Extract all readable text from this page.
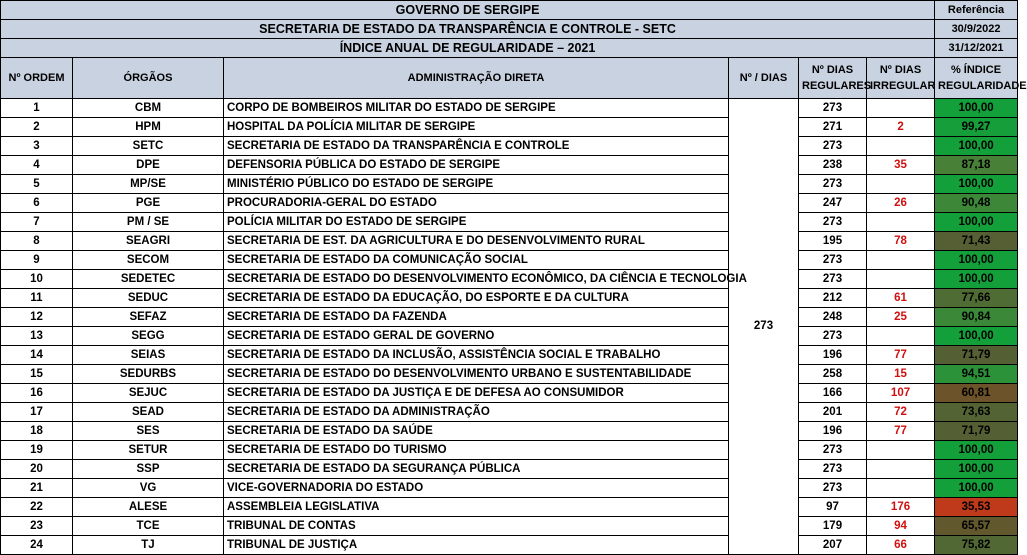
GOVERNO DE SERGIPE						Referência
SECRETARIA DE ESTADO DA TRANSPARÊNCIA E CONTROLE - SETC						30/9/2022
ÍNDICE ANUAL DE REGULARIDADE – 2021						31/12/2021
Nº ORDEM	ÓRGÃOS	ADMINISTRAÇÃO DIRETA	Nº / DIAS	Nº DIAS REGULARES	Nº DIAS IRREGULAR	% ÍNDICE REGULARIDADE
1	CBM	CORPO DE BOMBEIROS MILITAR DO ESTADO DE SERGIPE	273	273		100,00
2	HPM	HOSPITAL DA POLÍCIA MILITAR DE SERGIPE		271	2	99,27
3	SETC	SECRETARIA DE ESTADO DA TRANSPARÊNCIA E CONTROLE		273		100,00
4	DPE	DEFENSORIA PÚBLICA DO ESTADO DE SERGIPE		238	35	87,18
5	MP/SE	MINISTÉRIO PÚBLICO DO ESTADO DE SERGIPE		273		100,00
6	PGE	PROCURADORIA-GERAL DO ESTADO		247	26	90,48
7	PM / SE	POLÍCIA MILITAR DO ESTADO DE SERGIPE		273		100,00
8	SEAGRI	SECRETARIA DE EST. DA AGRICULTURA E DO DESENVOLVIMENTO RURAL		195	78	71,43
9	SECOM	SECRETARIA DE ESTADO DA COMUNICAÇÃO SOCIAL		273		100,00
10	SEDETEC	SECRETARIA DE ESTADO DO DESENVOLVIMENTO ECONÔMICO, DA CIÊNCIA E TECNOLOGIA		273		100,00
11	SEDUC	SECRETARIA DE ESTADO DA EDUCAÇÃO, DO ESPORTE E DA CULTURA		212	61	77,66
12	SEFAZ	SECRETARIA DE ESTADO DA FAZENDA		248	25	90,84
13	SEGG	SECRETARIA DE ESTADO GERAL DE GOVERNO		273		100,00
14	SEIAS	SECRETARIA DE ESTADO DA INCLUSÃO, ASSISTÊNCIA SOCIAL E TRABALHO		196	77	71,79
15	SEDURBS	SECRETARIA DE ESTADO DO DESENVOLVIMENTO URBANO E SUSTENTABILIDADE		258	15	94,51
16	SEJUC	SECRETARIA DE ESTADO DA JUSTIÇA E DE DEFESA AO CONSUMIDOR		166	107	60,81
17	SEAD	SECRETARIA DE ESTADO DA ADMINISTRAÇÃO		201	72	73,63
18	SES	SECRETARIA DE ESTADO DA SAÚDE		196	77	71,79
19	SETUR	SECRETARIA DE ESTADO DO TURISMO		273		100,00
20	SSP	SECRETARIA DE ESTADO DA SEGURANÇA PÚBLICA		273		100,00
21	VG	VICE-GOVERNADORIA DO ESTADO		273		100,00
22	ALESE	ASSEMBLEIA LEGISLATIVA		97	176	35,53
23	TCE	TRIBUNAL DE CONTAS		179	94	65,57
24	TJ	TRIBUNAL DE JUSTIÇA		207	66	75,82
